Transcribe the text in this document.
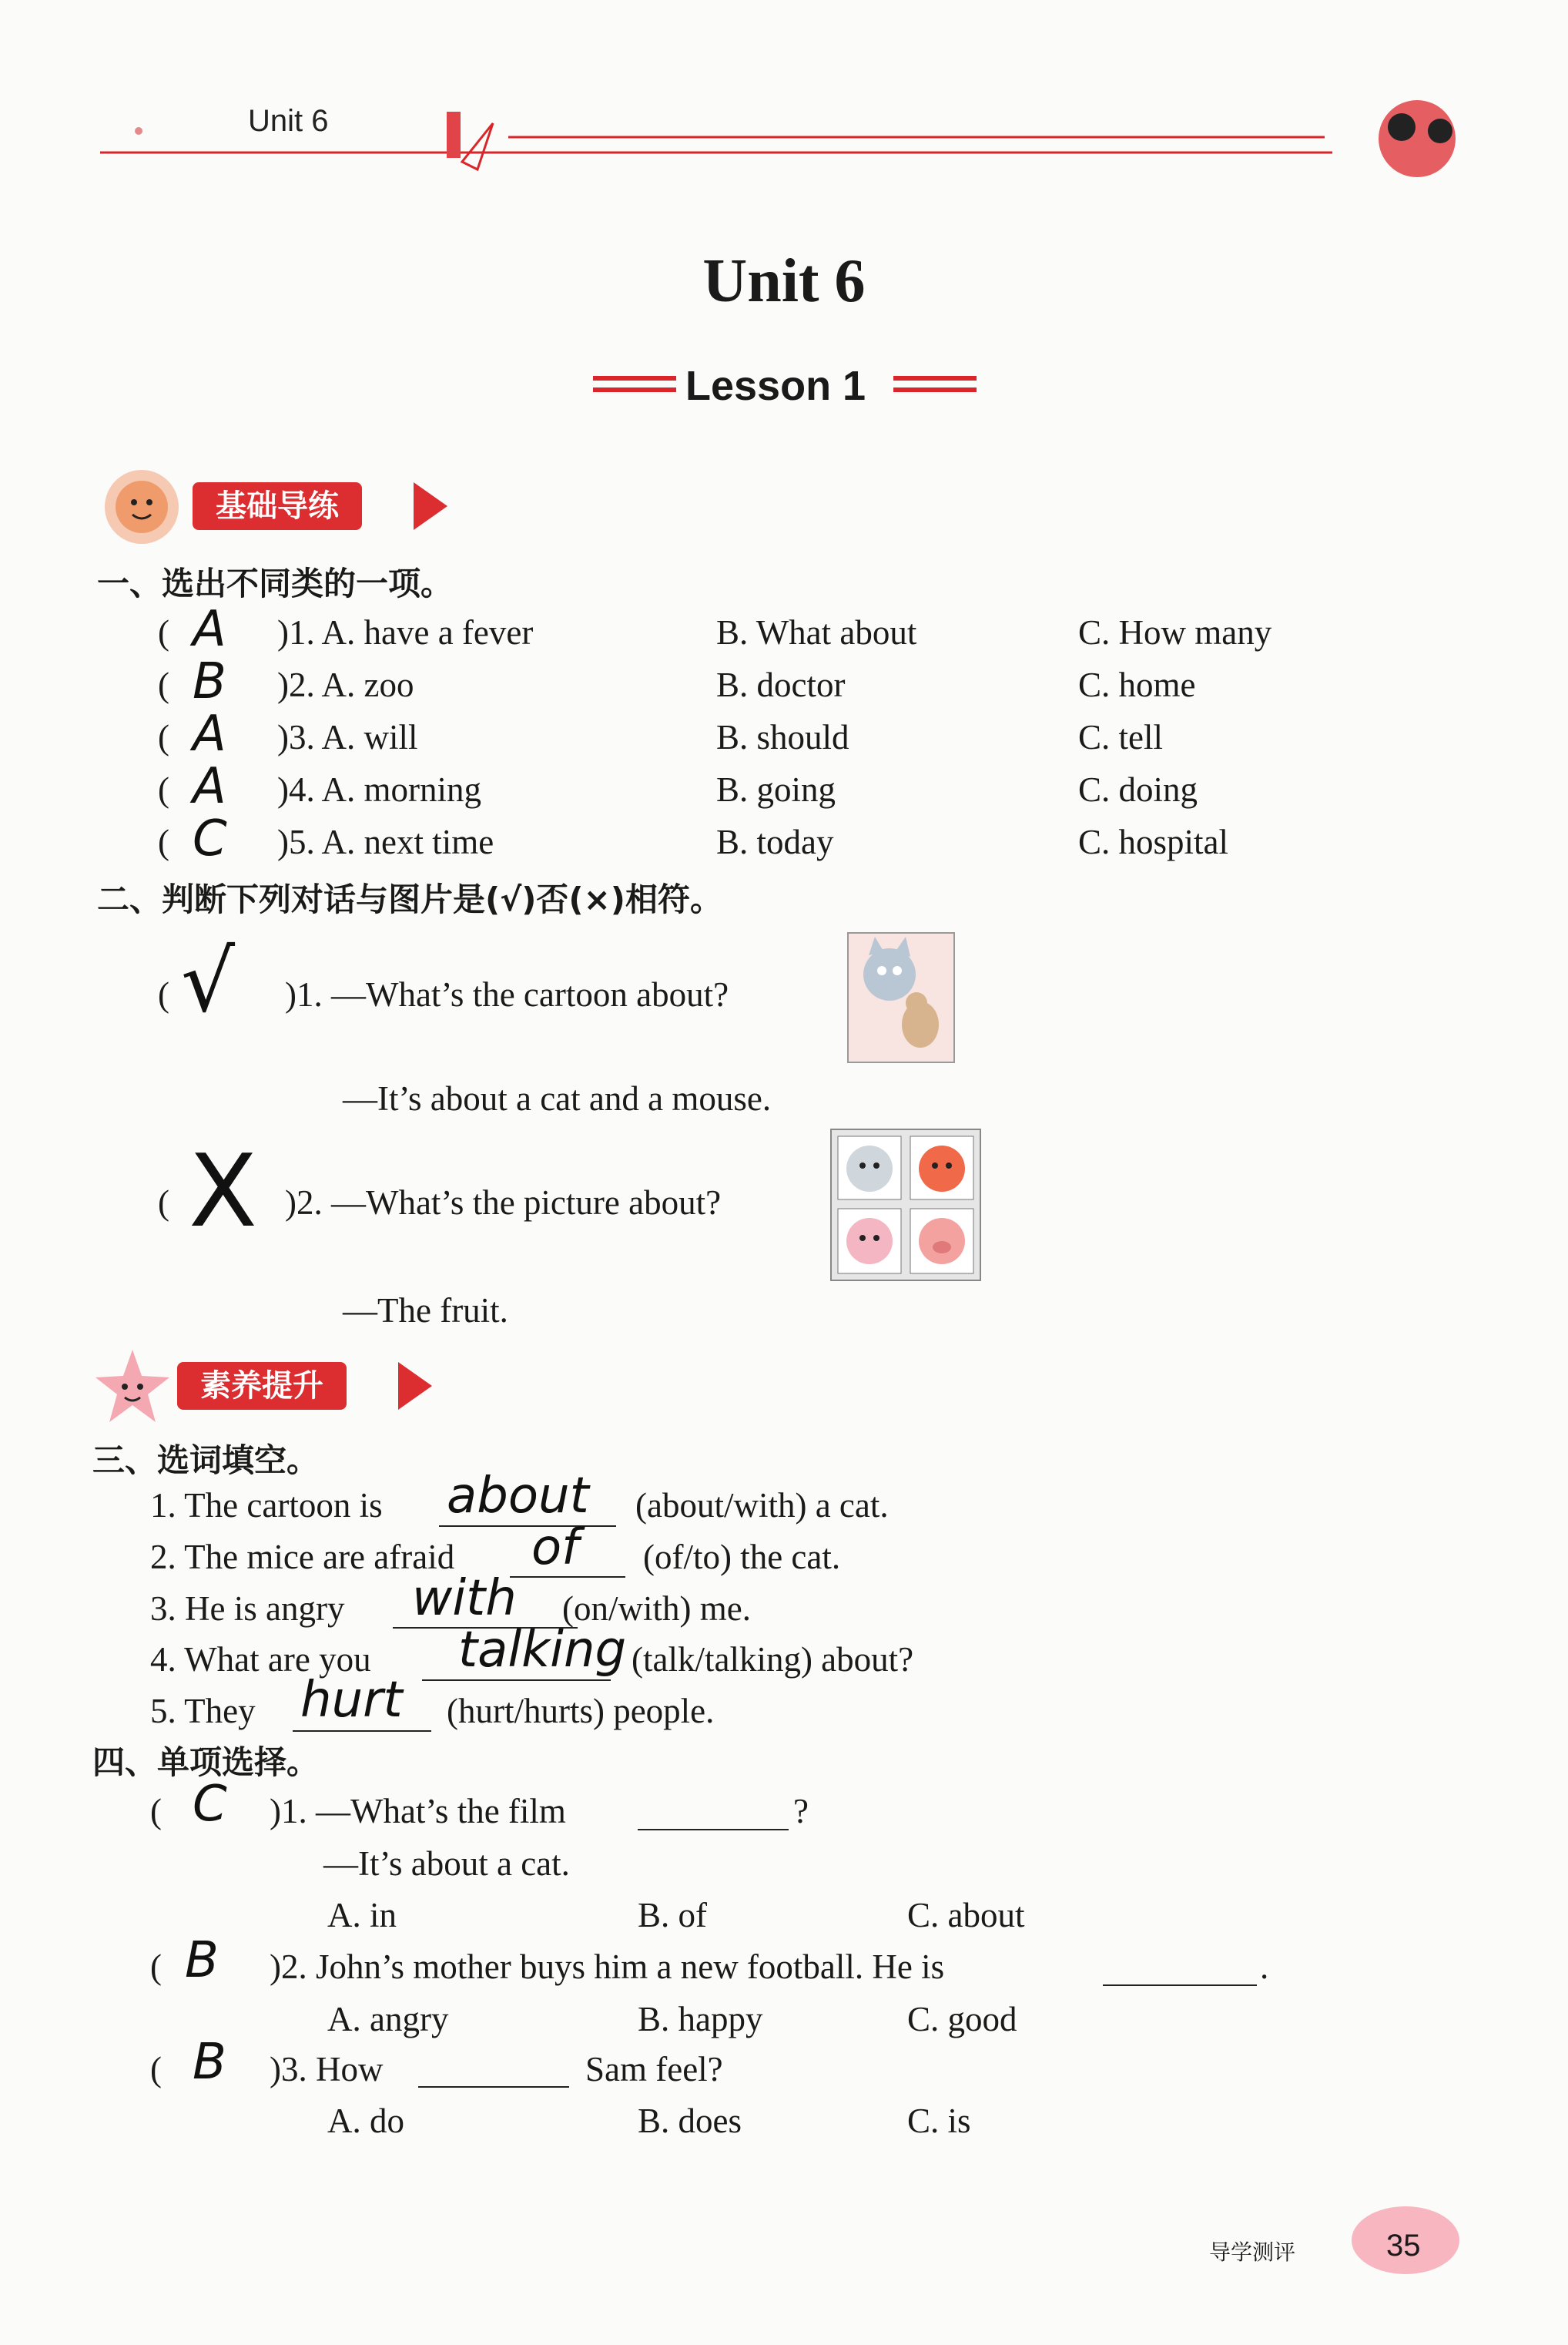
Unit 6
Unit 6
Lesson 1
基础导练
一、选出不同类的一项。
( A )1. A. have a fever	B. What about	C. How many
( B )2. A. zoo	B. doctor	C. home
( A )3. A. will	B. should	C. tell
( A )4. A. morning	B. going	C. doing
( C )5. A. next time	B. today	C. hospital
二、判断下列对话与图片是(√)否(×)相符。
( √ )1. —What’s the cartoon about?
—It’s about a cat and a mouse.
( X )2. —What’s the picture about?
—The fruit.
素养提升
三、选词填空。
1. The cartoon is about (about/with) a cat.
2. The mice are afraid of (of/to) the cat.
3. He is angry with (on/with) me.
4. What are you talking (talk/talking) about?
5. They hurt (hurt/hurts) people.
四、单项选择。
( C )1. —What’s the film	?
—It’s about a cat.
A. in	B. of	C. about
( B )2. John’s mother buys him a new football. He is	.
A. angry	B. happy	C. good
( B )3. How	Sam feel?
A. do	B. does	C. is
导学测评	35
